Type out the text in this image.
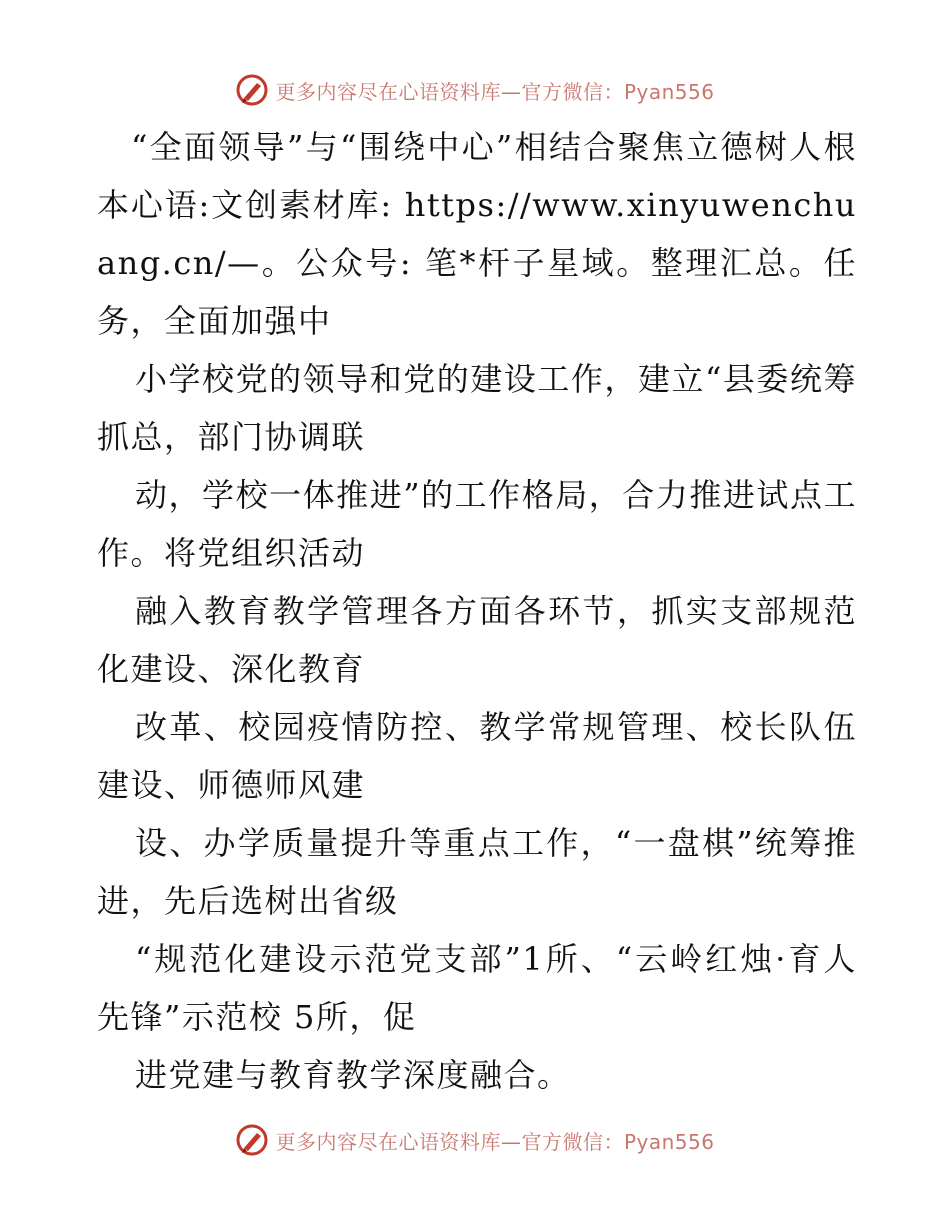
更多内容尽在心语资料库—官方微信：Pyan556

“全面领导”与“围绕中心”相结合聚焦立德树人根本心语:文创素材库: https://www.xinyuwenchuang.cn/—。公众号: 笔*杆子星域。整理汇总。任务，全面加强中

小学校党的领导和党的建设工作，建立“县委统筹抓总，部门协调联

动，学校一体推进”的工作格局，合力推进试点工作。将党组织活动

融入教育教学管理各方面各环节，抓实支部规范化建设、深化教育

改革、校园疫情防控、教学常规管理、校长队伍建设、师德师风建

设、办学质量提升等重点工作，“一盘棋”统筹推进，先后选树出省级

“规范化建设示范党支部”1所、“云岭红烛·育人先锋”示范校 5所，促

进党建与教育教学深度融合。

更多内容尽在心语资料库—官方微信：Pyan556
